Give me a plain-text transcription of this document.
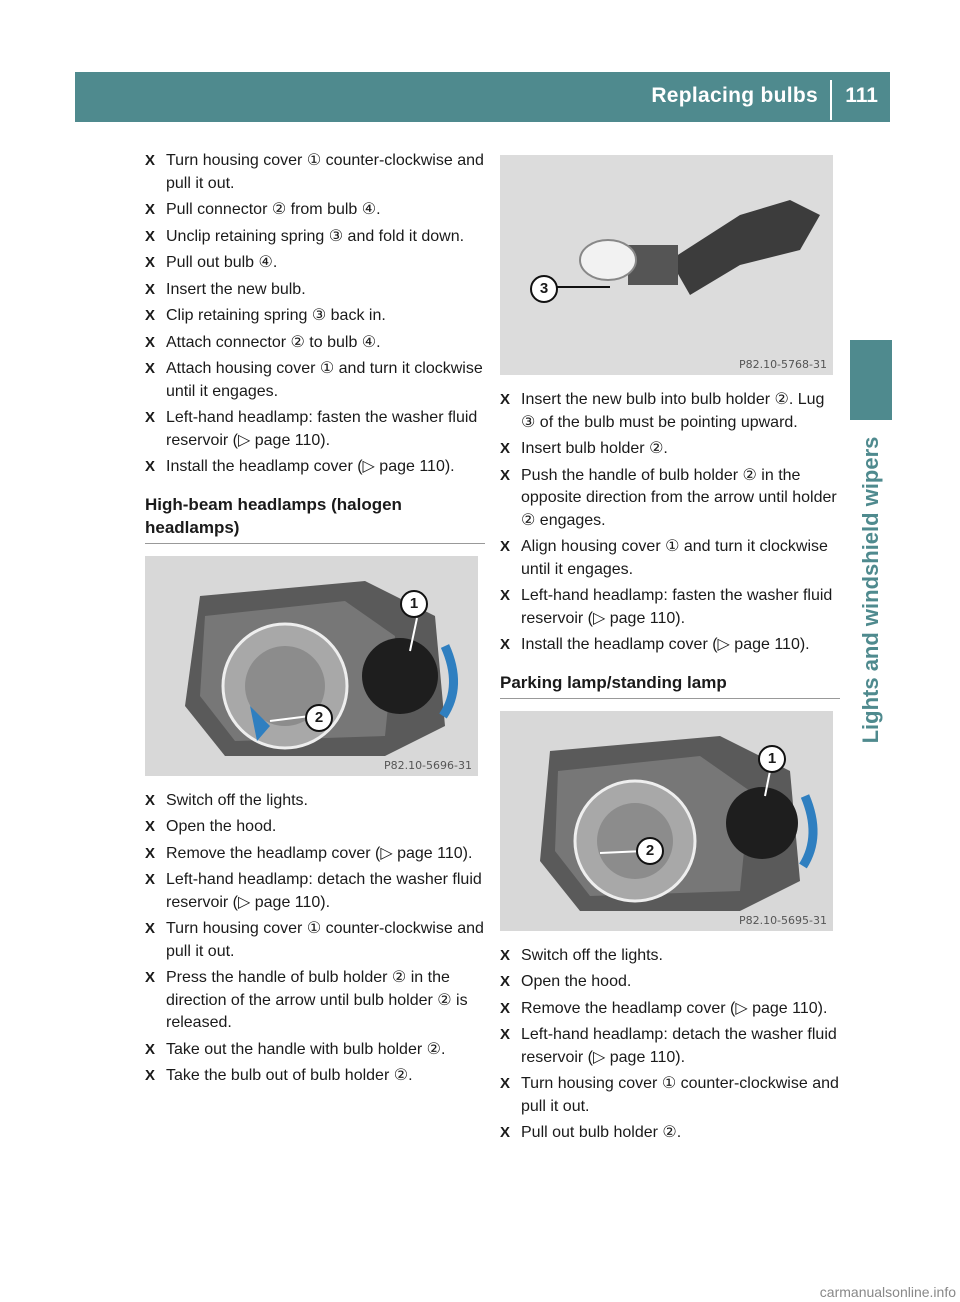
Replacing bulbs 111
Lights and windshield wipers
X Turn housing cover ① counter-clockwise and pull it out.
X Pull connector ② from bulb ④.
X Unclip retaining spring ③ and fold it down.
X Pull out bulb ④.
X Insert the new bulb.
X Clip retaining spring ③ back in.
X Attach connector ② to bulb ④.
X Attach housing cover ① and turn it clockwise until it engages.
X Left-hand headlamp: fasten the washer fluid reservoir (▷ page 110).
X Install the headlamp cover (▷ page 110).
High-beam headlamps (halogen headlamps)
1
2
P82.10-5696-31
X Switch off the lights.
X Open the hood.
X Remove the headlamp cover (▷ page 110).
X Left-hand headlamp: detach the washer fluid reservoir (▷ page 110).
X Turn housing cover ① counter-clockwise and pull it out.
X Press the handle of bulb holder ② in the direction of the arrow until bulb holder ② is released.
X Take out the handle with bulb holder ②.
X Take the bulb out of bulb holder ②.
3
P82.10-5768-31
X Insert the new bulb into bulb holder ②. Lug ③ of the bulb must be pointing upward.
X Insert bulb holder ②.
X Push the handle of bulb holder ② in the opposite direction from the arrow until holder ② engages.
X Align housing cover ① and turn it clockwise until it engages.
X Left-hand headlamp: fasten the washer fluid reservoir (▷ page 110).
X Install the headlamp cover (▷ page 110).
Parking lamp/standing lamp
1
2
P82.10-5695-31
X Switch off the lights.
X Open the hood.
X Remove the headlamp cover (▷ page 110).
X Left-hand headlamp: detach the washer fluid reservoir (▷ page 110).
X Turn housing cover ① counter-clockwise and pull it out.
X Pull out bulb holder ②.
carmanualsonline.info
